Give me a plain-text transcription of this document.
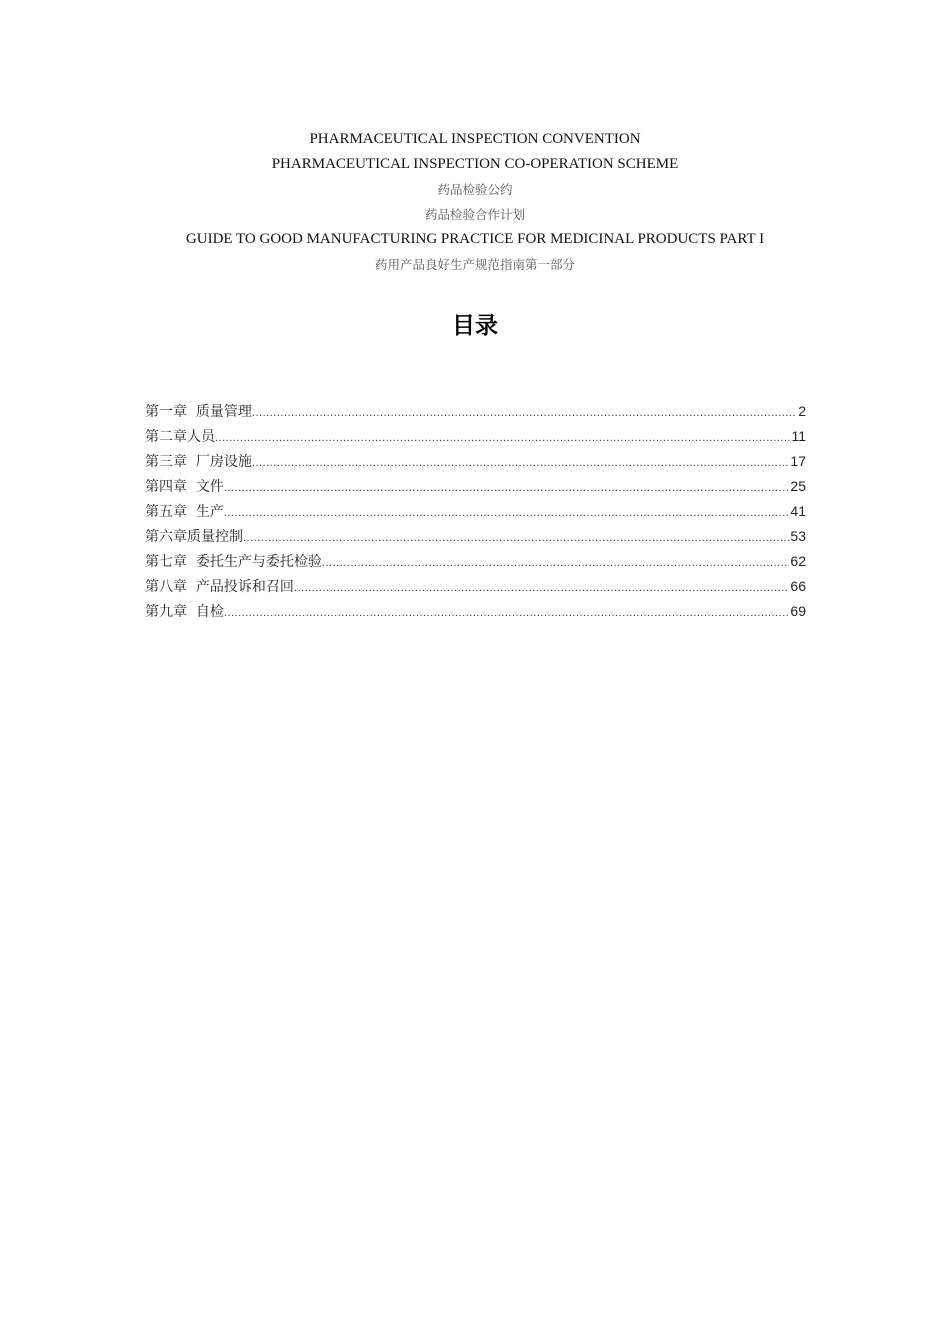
PHARMACEUTICAL INSPECTION CONVENTION
PHARMACEUTICAL INSPECTION CO-OPERATION SCHEME
药品检验公约
药品检验合作计划
GUIDE TO GOOD MANUFACTURING PRACTICE FOR MEDICINAL PRODUCTS PART I
药用产品良好生产规范指南第一部分
目录
第一章  质量管理 .....	2
第二章人员 .....	11
第三章  厂房设施 .....	17
第四章  文件 .....	25
第五章  生产 .....	41
第六章质量控制 .....	53
第七章  委托生产与委托检验 .....	62
第八章  产品投诉和召回 .....	66
第九章  自检 .....	69
